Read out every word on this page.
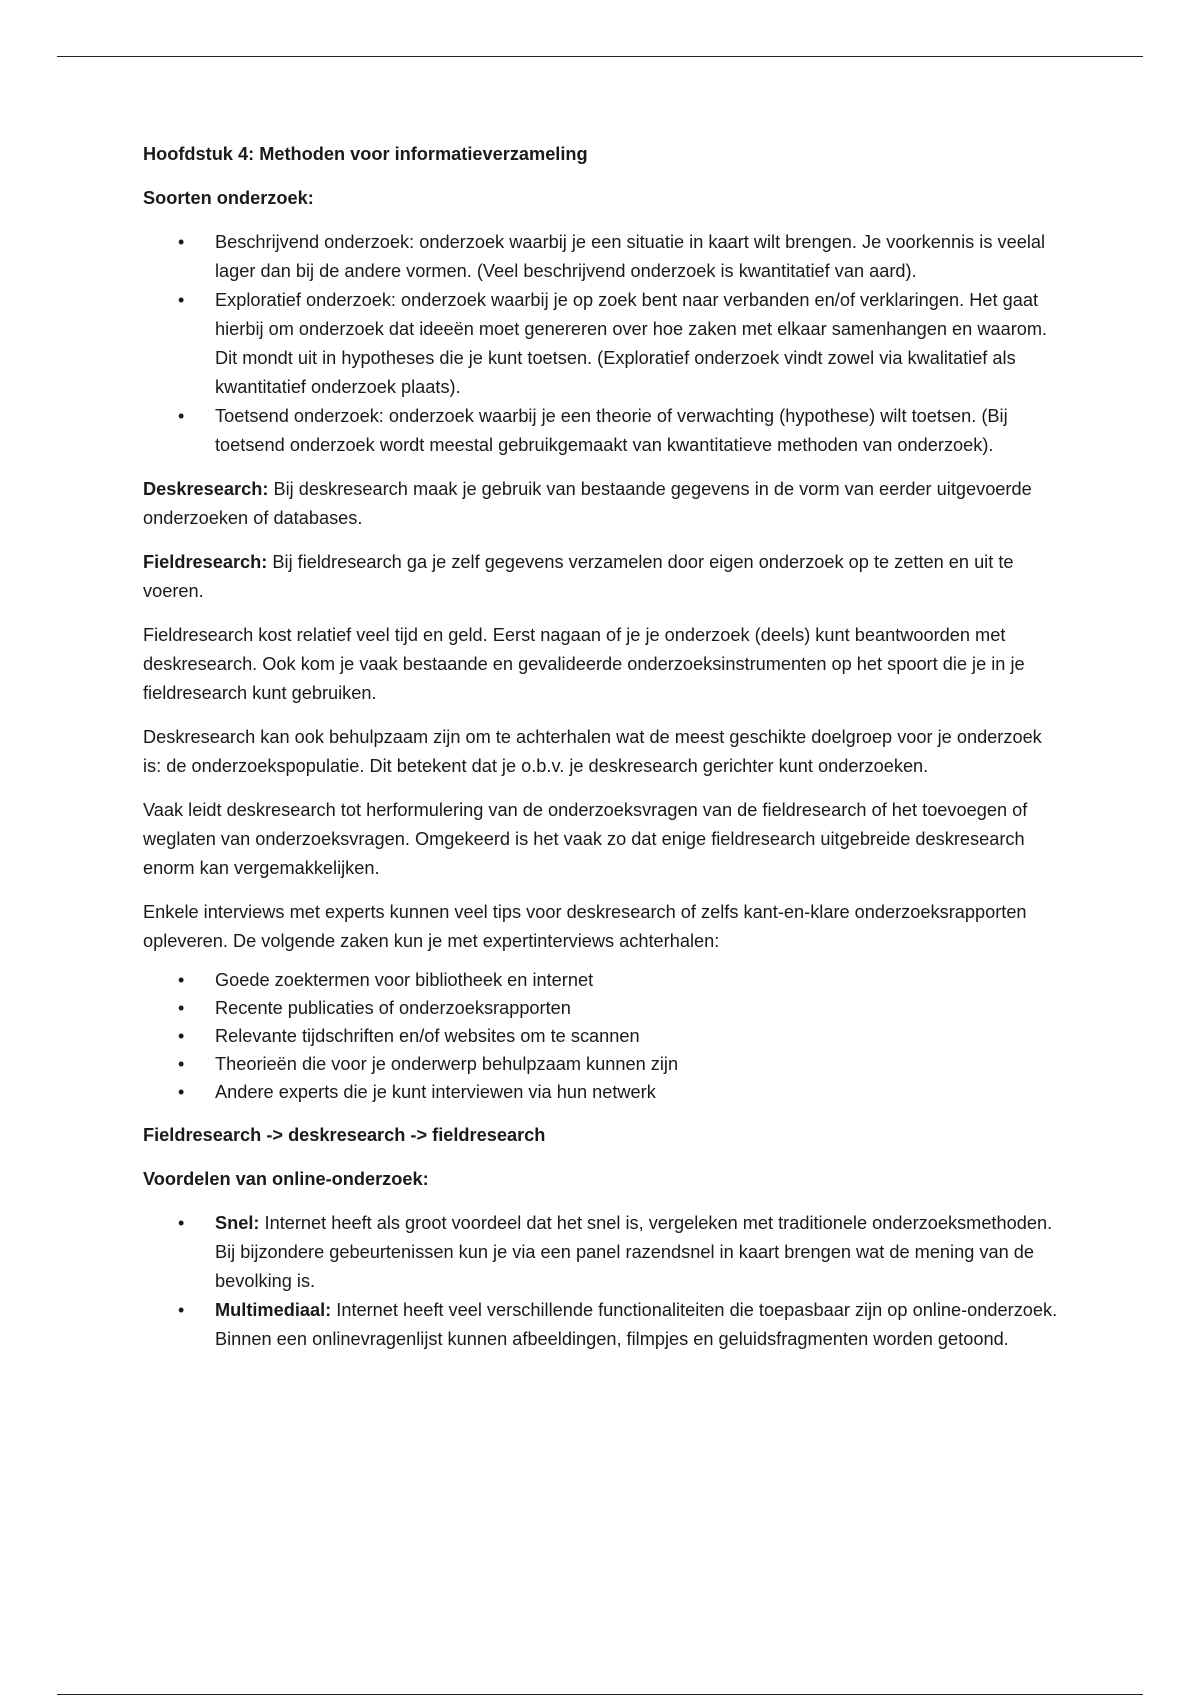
Hoofdstuk 4: Methoden voor informatieverzameling

Soorten onderzoek:

• Beschrijvend onderzoek: onderzoek waarbij je een situatie in kaart wilt brengen. Je voorkennis is veelal lager dan bij de andere vormen. (Veel beschrijvend onderzoek is kwantitatief van aard).
• Exploratief onderzoek: onderzoek waarbij je op zoek bent naar verbanden en/of verklaringen. Het gaat hierbij om onderzoek dat ideeën moet genereren over hoe zaken met elkaar samenhangen en waarom. Dit mondt uit in hypotheses die je kunt toetsen. (Exploratief onderzoek vindt zowel via kwalitatief als kwantitatief onderzoek plaats).
• Toetsend onderzoek: onderzoek waarbij je een theorie of verwachting (hypothese) wilt toetsen. (Bij toetsend onderzoek wordt meestal gebruikgemaakt van kwantitatieve methoden van onderzoek).

Deskresearch: Bij deskresearch maak je gebruik van bestaande gegevens in de vorm van eerder uitgevoerde onderzoeken of databases.

Fieldresearch: Bij fieldresearch ga je zelf gegevens verzamelen door eigen onderzoek op te zetten en uit te voeren.

Fieldresearch kost relatief veel tijd en geld. Eerst nagaan of je je onderzoek (deels) kunt beantwoorden met deskresearch. Ook kom je vaak bestaande en gevalideerde onderzoeksinstrumenten op het spoort die je in je fieldresearch kunt gebruiken.

Deskresearch kan ook behulpzaam zijn om te achterhalen wat de meest geschikte doelgroep voor je onderzoek is: de onderzoekspopulatie. Dit betekent dat je o.b.v. je deskresearch gerichter kunt onderzoeken.

Vaak leidt deskresearch tot herformulering van de onderzoeksvragen van de fieldresearch of het toevoegen of weglaten van onderzoeksvragen. Omgekeerd is het vaak zo dat enige fieldresearch uitgebreide deskresearch enorm kan vergemakkelijken.

Enkele interviews met experts kunnen veel tips voor deskresearch of zelfs kant-en-klare onderzoeksrapporten opleveren. De volgende zaken kun je met expertinterviews achterhalen:

• Goede zoektermen voor bibliotheek en internet
• Recente publicaties of onderzoeksrapporten
• Relevante tijdschriften en/of websites om te scannen
• Theorieën die voor je onderwerp behulpzaam kunnen zijn
• Andere experts die je kunt interviewen via hun netwerk

Fieldresearch -> deskresearch -> fieldresearch

Voordelen van online-onderzoek:

• Snel: Internet heeft als groot voordeel dat het snel is, vergeleken met traditionele onderzoeksmethoden. Bij bijzondere gebeurtenissen kun je via een panel razendsnel in kaart brengen wat de mening van de bevolking is.
• Multimediaal: Internet heeft veel verschillende functionaliteiten die toepasbaar zijn op online-onderzoek. Binnen een onlinevragenlijst kunnen afbeeldingen, filmpjes en geluidsfragmenten worden getoond.
